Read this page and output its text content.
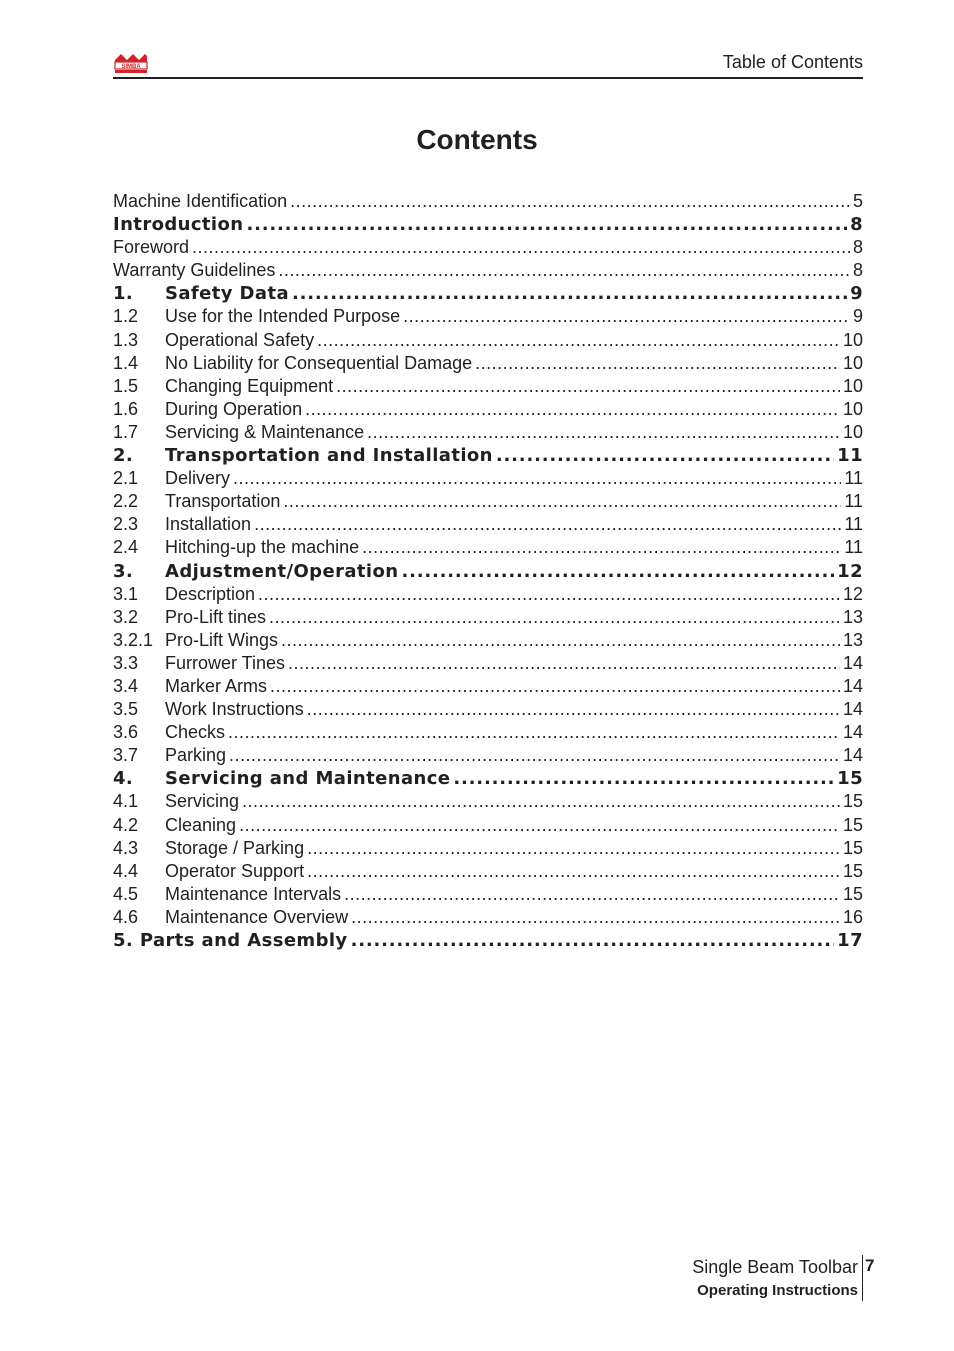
SIMBA	Table of Contents
Contents
Machine Identification .....	5
Introduction .....	8
Foreword .....	8
Warranty Guidelines .....	8
1.	Safety Data .....	9
1.2	Use for the Intended Purpose .....	9
1.3	Operational Safety .....	10
1.4	No Liability for Consequential Damage .....	10
1.5	Changing Equipment .....	10
1.6	During Operation .....	10
1.7	Servicing & Maintenance .....	10
2.	Transportation and Installation .....	11
2.1	Delivery .....	11
2.2	Transportation .....	11
2.3	Installation .....	11
2.4	Hitching-up the machine .....	11
3.	Adjustment/Operation .....	12
3.1	Description .....	12
3.2	Pro-Lift tines .....	13
3.2.1 Pro-Lift Wings .....	13
3.3	Furrower Tines .....	14
3.4	Marker Arms .....	14
3.5	Work Instructions .....	14
3.6	Checks .....	14
3.7	Parking .....	14
4.	Servicing and Maintenance .....	15
4.1	Servicing .....	15
4.2	Cleaning .....	15
4.3	Storage / Parking .....	15
4.4	Operator Support .....	15
4.5	Maintenance Intervals .....	15
4.6	Maintenance Overview .....	16
5. Parts and Assembly .....	17
Single Beam Toolbar
Operating Instructions
7
